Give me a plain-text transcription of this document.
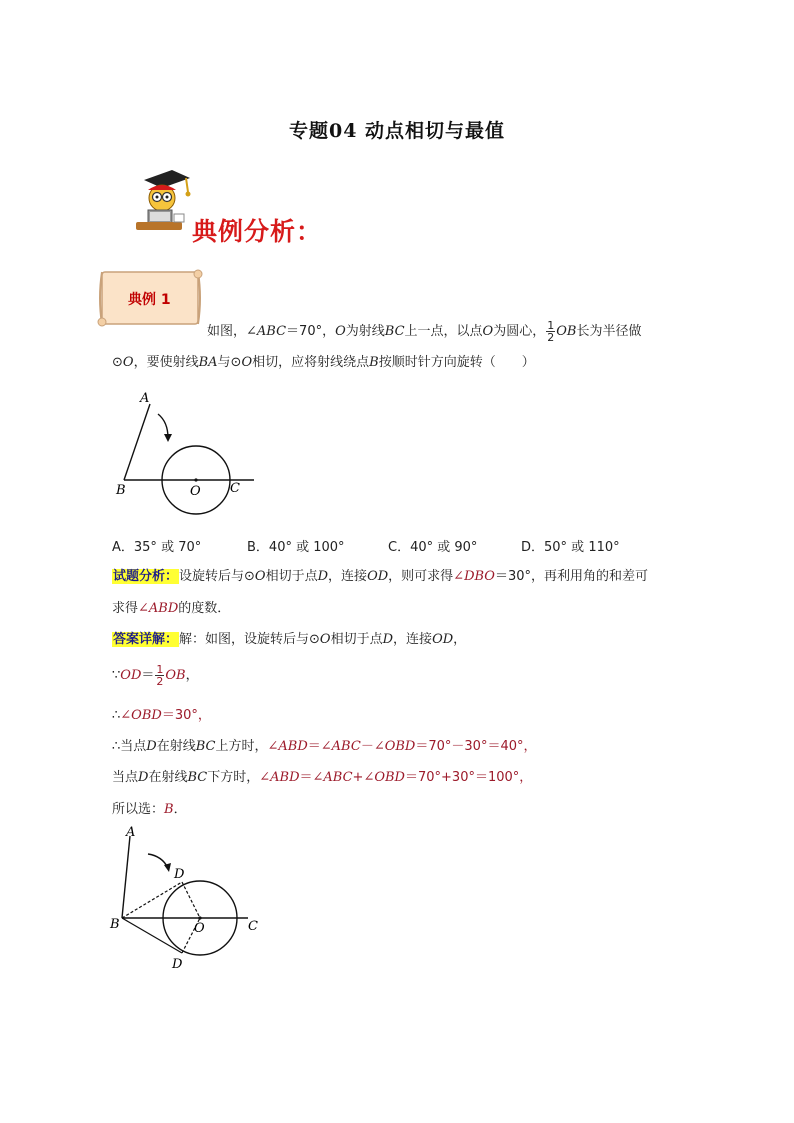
专题04 动点相切与最值
典例分析：
典例 1
如图，∠ABC＝70°，O为射线BC上一点，以点O为圆心， $\frac{1}{2}$ OB长为半径做
⊙O，要使射线BA与⊙O相切，应将射线绕点B按顺时针方向旋转（　　）
A
B	O C
A．35° 或 70°	B．40° 或 100°	C．40° 或 90°	D．50° 或 110°
试题分析：设旋转后与⊙O相切于点D，连接OD，则可求得∠DBO＝30°，再利用角的和差可
求得∠ABD的度数．
答案详解：解：如图，设旋转后与⊙O相切于点D，连接OD，
∵OD＝ $\frac{1}{2}$ OB，
∴∠OBD＝30°，
∴当点D在射线BC上方时，∠ABD＝∠ABC－∠OBD＝70°－30°＝40°，
当点D在射线BC下方时，∠ABD＝∠ABC+∠OBD＝70°+30°＝100°，
所以选：B．
A
B	O	C
D
D
